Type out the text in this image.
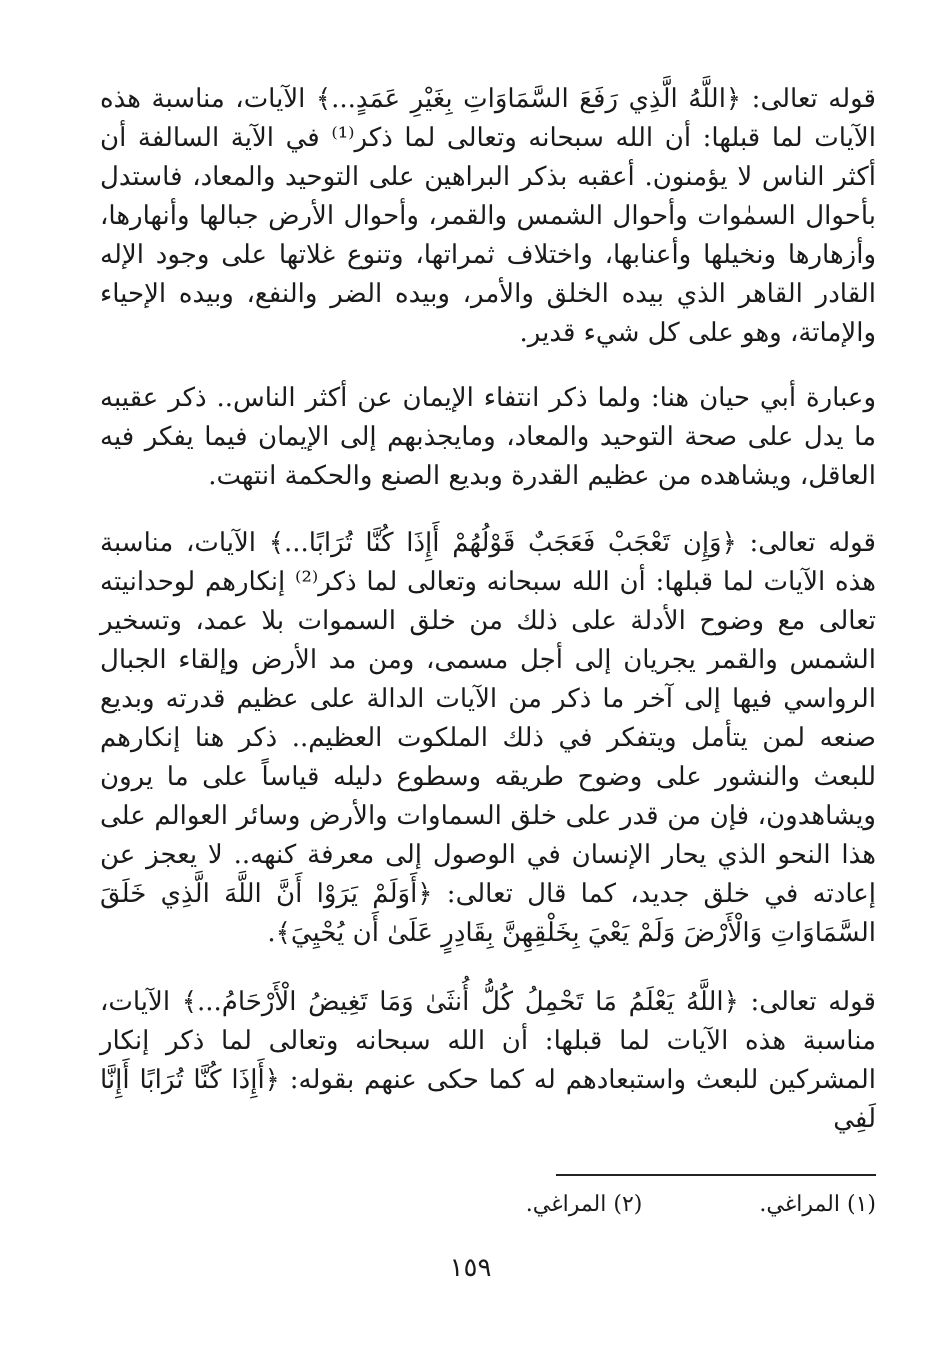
قوله تعالى: ﴿اللَّهُ الَّذِي رَفَعَ السَّمَاوَاتِ بِغَيْرِ عَمَدٍ...﴾ الآيات، مناسبة هذه الآيات لما قبلها: أن الله سبحانه وتعالى لما ذكر⁽¹⁾ في الآية السالفة أن أكثر الناس لا يؤمنون. أعقبه بذكر البراهين على التوحيد والمعاد، فاستدل بأحوال السمٰوات وأحوال الشمس والقمر، وأحوال الأرض جبالها وأنهارها، وأزهارها ونخيلها وأعنابها، واختلاف ثمراتها، وتنوع غلاتها على وجود الإله القادر القاهر الذي بيده الخلق والأمر، وبيده الضر والنفع، وبيده الإحياء والإماتة، وهو على كل شيء قدير.

وعبارة أبي حيان هنا: ولما ذكر انتفاء الإيمان عن أكثر الناس.. ذكر عقيبه ما يدل على صحة التوحيد والمعاد، ومايجذبهم إلى الإيمان فيما يفكر فيه العاقل، ويشاهده من عظيم القدرة وبديع الصنع والحكمة انتهت.

قوله تعالى: ﴿وَإِن تَعْجَبْ فَعَجَبٌ قَوْلُهُمْ أَإِذَا كُنَّا تُرَابًا...﴾ الآيات، مناسبة هذه الآيات لما قبلها: أن الله سبحانه وتعالى لما ذكر⁽²⁾ إنكارهم لوحدانيته تعالى مع وضوح الأدلة على ذلك من خلق السموات بلا عمد، وتسخير الشمس والقمر يجريان إلى أجل مسمى، ومن مد الأرض وإلقاء الجبال الرواسي فيها إلى آخر ما ذكر من الآيات الدالة على عظيم قدرته وبديع صنعه لمن يتأمل ويتفكر في ذلك الملكوت العظيم.. ذكر هنا إنكارهم للبعث والنشور على وضوح طريقه وسطوع دليله قياساً على ما يرون ويشاهدون، فإن من قدر على خلق السماوات والأرض وسائر العوالم على هذا النحو الذي يحار الإنسان في الوصول إلى معرفة كنهه.. لا يعجز عن إعادته في خلق جديد، كما قال تعالى: ﴿أَوَلَمْ يَرَوْا أَنَّ اللَّهَ الَّذِي خَلَقَ السَّمَاوَاتِ وَالْأَرْضَ وَلَمْ يَعْيَ بِخَلْقِهِنَّ بِقَادِرٍ عَلَىٰ أَن يُحْيِيَ﴾.

قوله تعالى: ﴿اللَّهُ يَعْلَمُ مَا تَحْمِلُ كُلُّ أُنثَىٰ وَمَا تَغِيضُ الْأَرْحَامُ...﴾ الآيات، مناسبة هذه الآيات لما قبلها: أن الله سبحانه وتعالى لما ذكر إنكار المشركين للبعث واستبعادهم له كما حكى عنهم بقوله: ﴿أَإِذَا كُنَّا تُرَابًا أَإِنَّا لَفِي

(١) المراغي. (٢) المراغي.
١٥٩
